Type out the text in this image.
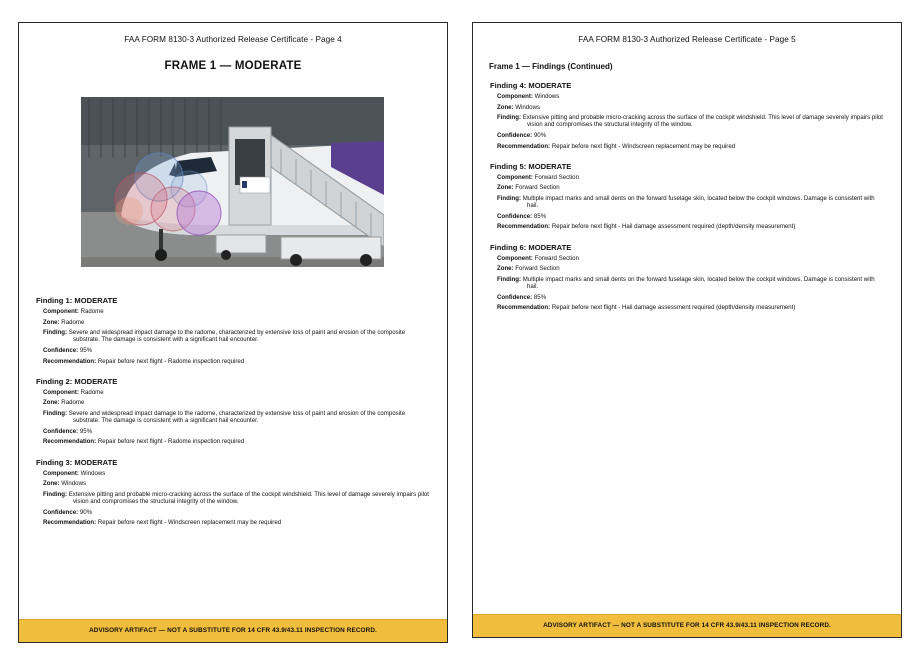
FAA FORM 8130-3 Authorized Release Certificate - Page 4
FRAME 1 — MODERATE
Finding 1: MODERATE
Component: Radome
Zone: Radome
Finding: Severe and widespread impact damage to the radome, characterized by extensive loss of paint and erosion of the composite substrate. The damage is consistent with a significant hail encounter.
Confidence: 95%
Recommendation: Repair before next flight - Radome inspection required
Finding 2: MODERATE
Component: Radome
Zone: Radome
Finding: Severe and widespread impact damage to the radome, characterized by extensive loss of paint and erosion of the composite substrate. The damage is consistent with a significant hail encounter.
Confidence: 95%
Recommendation: Repair before next flight - Radome inspection required
Finding 3: MODERATE
Component: Windows
Zone: Windows
Finding: Extensive pitting and probable micro-cracking across the surface of the cockpit windshield. This level of damage severely impairs pilot vision and compromises the structural integrity of the window.
Confidence: 90%
Recommendation: Repair before next flight - Windscreen replacement may be required
ADVISORY ARTIFACT — NOT A SUBSTITUTE FOR 14 CFR 43.9/43.11 INSPECTION RECORD.
FAA FORM 8130-3 Authorized Release Certificate - Page 5
Frame 1 — Findings (Continued)
Finding 4: MODERATE
Component: Windows
Zone: Windows
Finding: Extensive pitting and probable micro-cracking across the surface of the cockpit windshield. This level of damage severely impairs pilot vision and compromises the structural integrity of the window.
Confidence: 90%
Recommendation: Repair before next flight - Windscreen replacement may be required
Finding 5: MODERATE
Component: Forward Section
Zone: Forward Section
Finding: Multiple impact marks and small dents on the forward fuselage skin, located below the cockpit windows. Damage is consistent with hail.
Confidence: 85%
Recommendation: Repair before next flight - Hail damage assessment required (depth/density measurement)
Finding 6: MODERATE
Component: Forward Section
Zone: Forward Section
Finding: Multiple impact marks and small dents on the forward fuselage skin, located below the cockpit windows. Damage is consistent with hail.
Confidence: 85%
Recommendation: Repair before next flight - Hail damage assessment required (depth/density measurement)
ADVISORY ARTIFACT — NOT A SUBSTITUTE FOR 14 CFR 43.9/43.11 INSPECTION RECORD.
